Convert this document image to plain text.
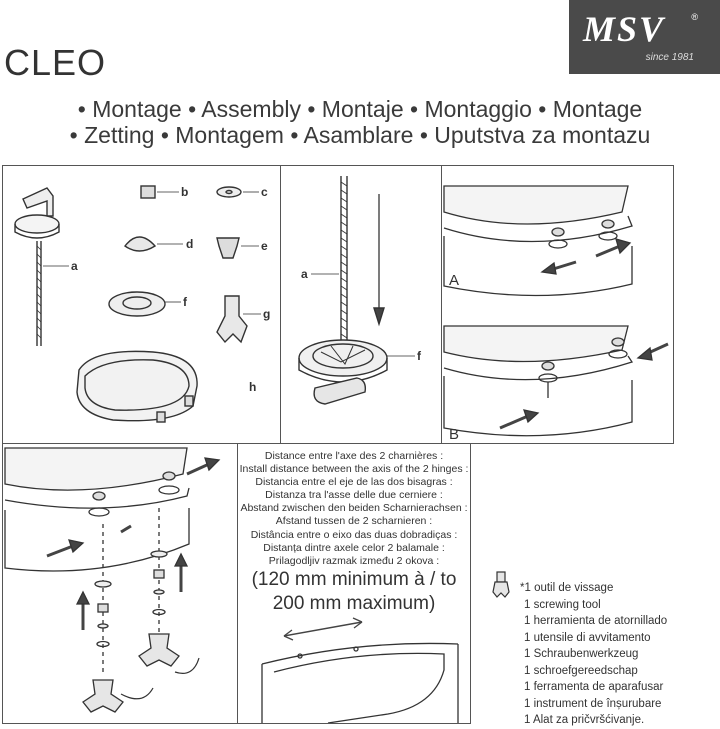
MSV	®
since 1981
CLEO
• Montage • Assembly • Montaje • Montaggio • Montage
• Zetting • Montagem • Asamblare • Uputstva za montazu
a
b	c
d	e
f
g
h
a
f
A
B
Distance entre l'axe des 2 charnières :
Install distance between the axis of the 2 hinges :
Distancia entre el eje de las dos bisagras :
Distanza tra l'asse delle due cerniere :
Abstand zwischen den beiden Scharnierachsen :
Afstand tussen de 2 scharnieren :
Distância entre o eixo das duas dobradiças :
Distanța dintre axele celor 2 balamale :
Prilagodljiv razmak između 2 okova :
(120 mm minimum à / to
200 mm maximum)
*1 outil de vissage
1 screwing tool
1 herramienta de atornillado
1 utensile di avvitamento
1 Schraubenwerkzeug
1 schroefgereedschap
1 ferramenta de aparafusar
1 instrument de înșurubare
1 Alat za pričvršćivanje.
